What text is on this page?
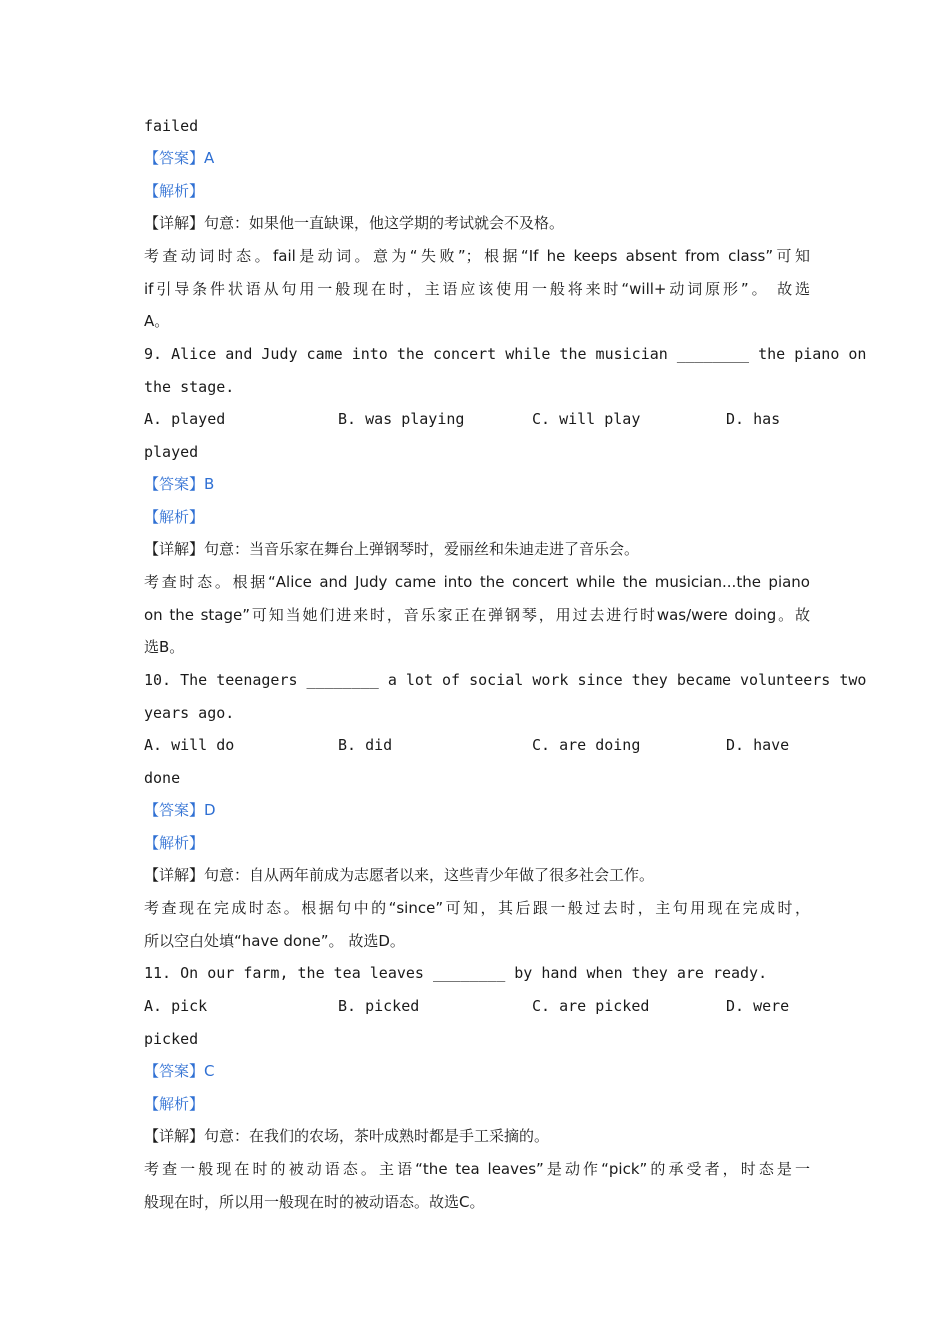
failed
【答案】A
【解析】
【详解】句意：如果他一直缺课，他这学期的考试就会不及格。
考查动词时态。fail是动词。意为“失败”；根据“If he keeps absent from class”可知
if引导条件状语从句用一般现在时，主语应该使用一般将来时“will+动词原形”。 故选
A。
9. Alice and Judy came into the concert while the musician ________ the piano on
the stage.
A. played	B. was playing	C. will play	D. has
played
【答案】B
【解析】
【详解】句意：当音乐家在舞台上弹钢琴时，爱丽丝和朱迪走进了音乐会。
考查时态。根据“Alice and Judy came into the concert while the musician...the piano
on the stage”可知当她们进来时，音乐家正在弹钢琴，用过去进行时was/were doing。故
选B。
10. The teenagers ________ a lot of social work since they became volunteers two
years ago.
A. will do	B. did	C. are doing	D. have
done
【答案】D
【解析】
【详解】句意：自从两年前成为志愿者以来，这些青少年做了很多社会工作。
考查现在完成时态。根据句中的“since”可知，其后跟一般过去时，主句用现在完成时，
所以空白处填“have done”。 故选D。
11. On our farm, the tea leaves ________ by hand when they are ready.
A. pick	B. picked	C. are picked	D. were
picked
【答案】C
【解析】
【详解】句意：在我们的农场，茶叶成熟时都是手工采摘的。
考查一般现在时的被动语态。主语“the tea leaves”是动作“pick”的承受者，时态是一
般现在时，所以用一般现在时的被动语态。故选C。
